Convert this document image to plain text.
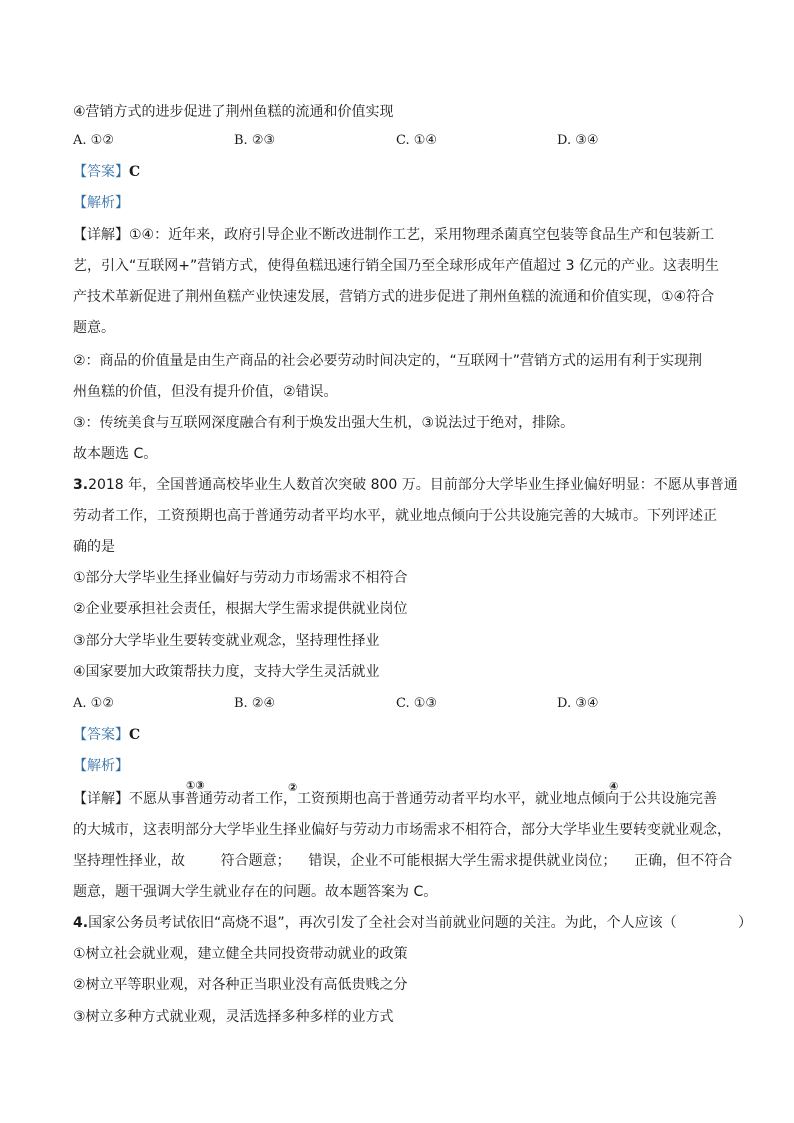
④营销方式的进步促进了荆州鱼糕的流通和价值实现
A. ①②	B. ②③	C. ①④	D. ③④
【答案】C
【解析】
【详解】①④：近年来，政府引导企业不断改进制作工艺，采用物理杀菌真空包装等食品生产和包装新工
艺，引入“互联网+”营销方式，使得鱼糕迅速行销全国乃至全球形成年产值超过 3 亿元的产业。这表明生
产技术革新促进了荆州鱼糕产业快速发展，营销方式的进步促进了荆州鱼糕的流通和价值实现，①④符合
题意。
②：商品的价值量是由生产商品的社会必要劳动时间决定的，“互联网十”营销方式的运用有利于实现荆
州鱼糕的价值，但没有提升价值，②错误。
③：传统美食与互联网深度融合有利于焕发出强大生机，③说法过于绝对，排除。
故本题选 C。
3.2018 年，全国普通高校毕业生人数首次突破 800 万。目前部分大学毕业生择业偏好明显：不愿从事普通
劳动者工作，工资预期也高于普通劳动者平均水平，就业地点倾向于公共设施完善的大城市。下列评述正
确的是
①部分大学毕业生择业偏好与劳动力市场需求不相符合
②企业要承担社会责任，根据大学生需求提供就业岗位
③部分大学毕业生要转变就业观念，坚持理性择业
④国家要加大政策帮扶力度，支持大学生灵活就业
A. ①②	B. ②④	C. ①③	D. ③④
【答案】C
【解析】
①③	②	④
【详解】不愿从事普通劳动者工作，工资预期也高于普通劳动者平均水平，就业地点倾向于公共设施完善
的大城市，这表明部分大学毕业生择业偏好与劳动力市场需求不相符合，部分大学毕业生要转变就业观念，
坚持理性择业，故        符合题意；    错误，企业不可能根据大学生需求提供就业岗位；    正确，但不符合
题意，题干强调大学生就业存在的问题。故本题答案为 C。
4.国家公务员考试依旧“高烧不退”，再次引发了全社会对当前就业问题的关注。为此，个人应该（	）
①树立社会就业观，建立健全共同投资带动就业的政策
②树立平等职业观，对各种正当职业没有高低贵贱之分
③树立多种方式就业观，灵活选择多种多样的业方式
